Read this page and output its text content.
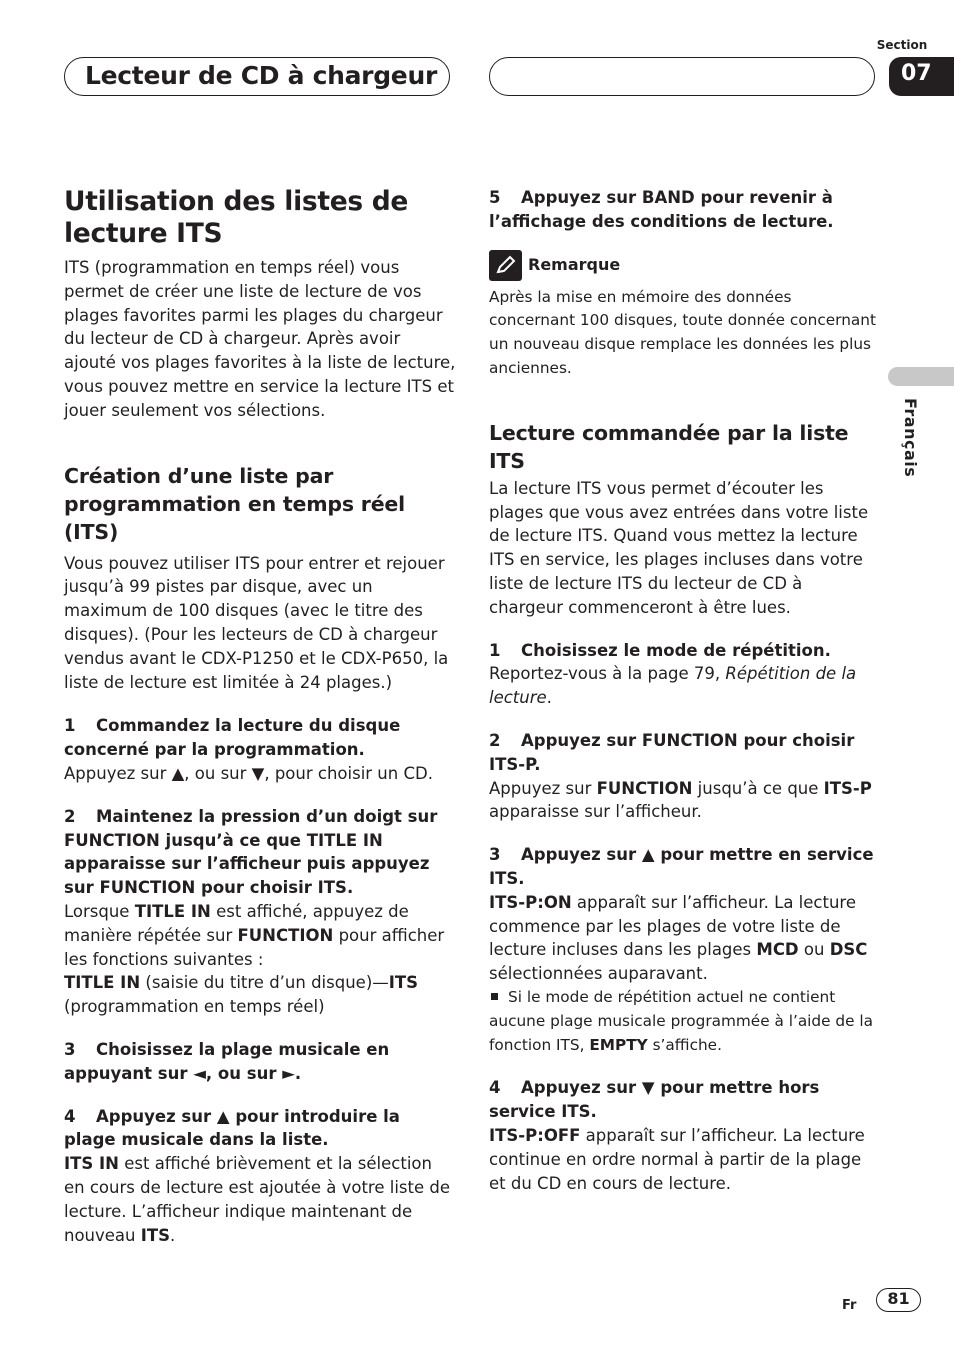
Lecteur de CD à chargeur
Section
07
Français

Utilisation des listes de lecture ITS

ITS (programmation en temps réel) vous permet de créer une liste de lecture de vos plages favorites parmi les plages du chargeur du lecteur de CD à chargeur. Après avoir ajouté vos plages favorites à la liste de lecture, vous pouvez mettre en service la lecture ITS et jouer seulement vos sélections.

Création d’une liste par programmation en temps réel (ITS)

Vous pouvez utiliser ITS pour entrer et rejouer jusqu’à 99 pistes par disque, avec un maximum de 100 disques (avec le titre des disques). (Pour les lecteurs de CD à chargeur vendus avant le CDX-P1250 et le CDX-P650, la liste de lecture est limitée à 24 plages.)

1 Commandez la lecture du disque concerné par la programmation.

Appuyez sur ▲, ou sur ▼, pour choisir un CD.

2 Maintenez la pression d’un doigt sur FUNCTION jusqu’à ce que TITLE IN apparaisse sur l’afficheur puis appuyez sur FUNCTION pour choisir ITS.

Lorsque TITLE IN est affiché, appuyez de manière répétée sur FUNCTION pour afficher les fonctions suivantes :

TITLE IN (saisie du titre d’un disque)—ITS (programmation en temps réel)

3 Choisissez la plage musicale en appuyant sur ◄, ou sur ►.

4 Appuyez sur ▲ pour introduire la plage musicale dans la liste.

ITS IN est affiché brièvement et la sélection en cours de lecture est ajoutée à votre liste de lecture. L’afficheur indique maintenant de nouveau ITS.

5 Appuyez sur BAND pour revenir à l’affichage des conditions de lecture.

Remarque

Après la mise en mémoire des données concernant 100 disques, toute donnée concernant un nouveau disque remplace les données les plus anciennes.

Lecture commandée par la liste ITS

La lecture ITS vous permet d’écouter les plages que vous avez entrées dans votre liste de lecture ITS. Quand vous mettez la lecture ITS en service, les plages incluses dans votre liste de lecture ITS du lecteur de CD à chargeur commenceront à être lues.

1 Choisissez le mode de répétition.

Reportez-vous à la page 79, Répétition de la lecture.

2 Appuyez sur FUNCTION pour choisir ITS-P.

Appuyez sur FUNCTION jusqu’à ce que ITS-P apparaisse sur l’afficheur.

3 Appuyez sur ▲ pour mettre en service ITS.

ITS-P:ON apparaît sur l’afficheur. La lecture commence par les plages de votre liste de lecture incluses dans les plages MCD ou DSC sélectionnées auparavant.

Si le mode de répétition actuel ne contient aucune plage musicale programmée à l’aide de la fonction ITS, EMPTY s’affiche.

4 Appuyez sur ▼ pour mettre hors service ITS.

ITS-P:OFF apparaît sur l’afficheur. La lecture continue en ordre normal à partir de la plage et du CD en cours de lecture.

Fr	81
